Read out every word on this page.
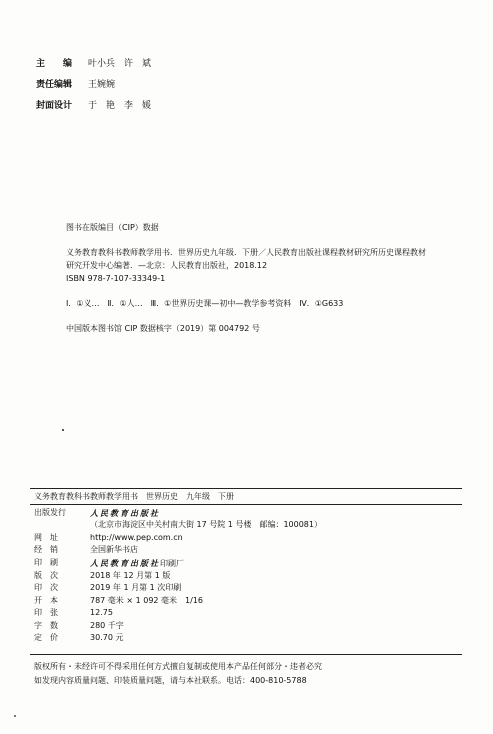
主　　编	叶小兵　许　斌
责任编辑	王婉婉
封面设计	于　艳　李　媛
图书在版编目（CIP）数据
义务教育教科书教师教学用书．世界历史九年级．下册／人民教育出版社课程教材研究所历史课程教材研究开发中心编著．—北京：人民教育出版社，2018.12
ISBN 978-7-107-33349-1
Ⅰ．①义…　Ⅱ．①人…　Ⅲ．①世界历史课—初中—教学参考资料　Ⅳ．①G633
中国版本图书馆 CIP 数据核字（2019）第 004792 号
义务教育教科书教师教学用书　世界历史　九年级　下册
出版发行	人民教育出版社
（北京市海淀区中关村南大街 17 号院 1 号楼　邮编：100081）
网　址	http://www.pep.com.cn
经　销	全国新华书店
印　刷	人民教育出版社印刷厂
版　次	2018 年 12 月第 1 版
印　次	2019 年 1 月第 1 次印刷
开　本	787 毫米 × 1 092 毫米　1/16
印　张	12.75
字　数	280 千字
定　价	30.70 元
版权所有・未经许可不得采用任何方式擅自复制或使用本产品任何部分・违者必究
如发现内容质量问题、印装质量问题，请与本社联系。电话：400-810-5788
